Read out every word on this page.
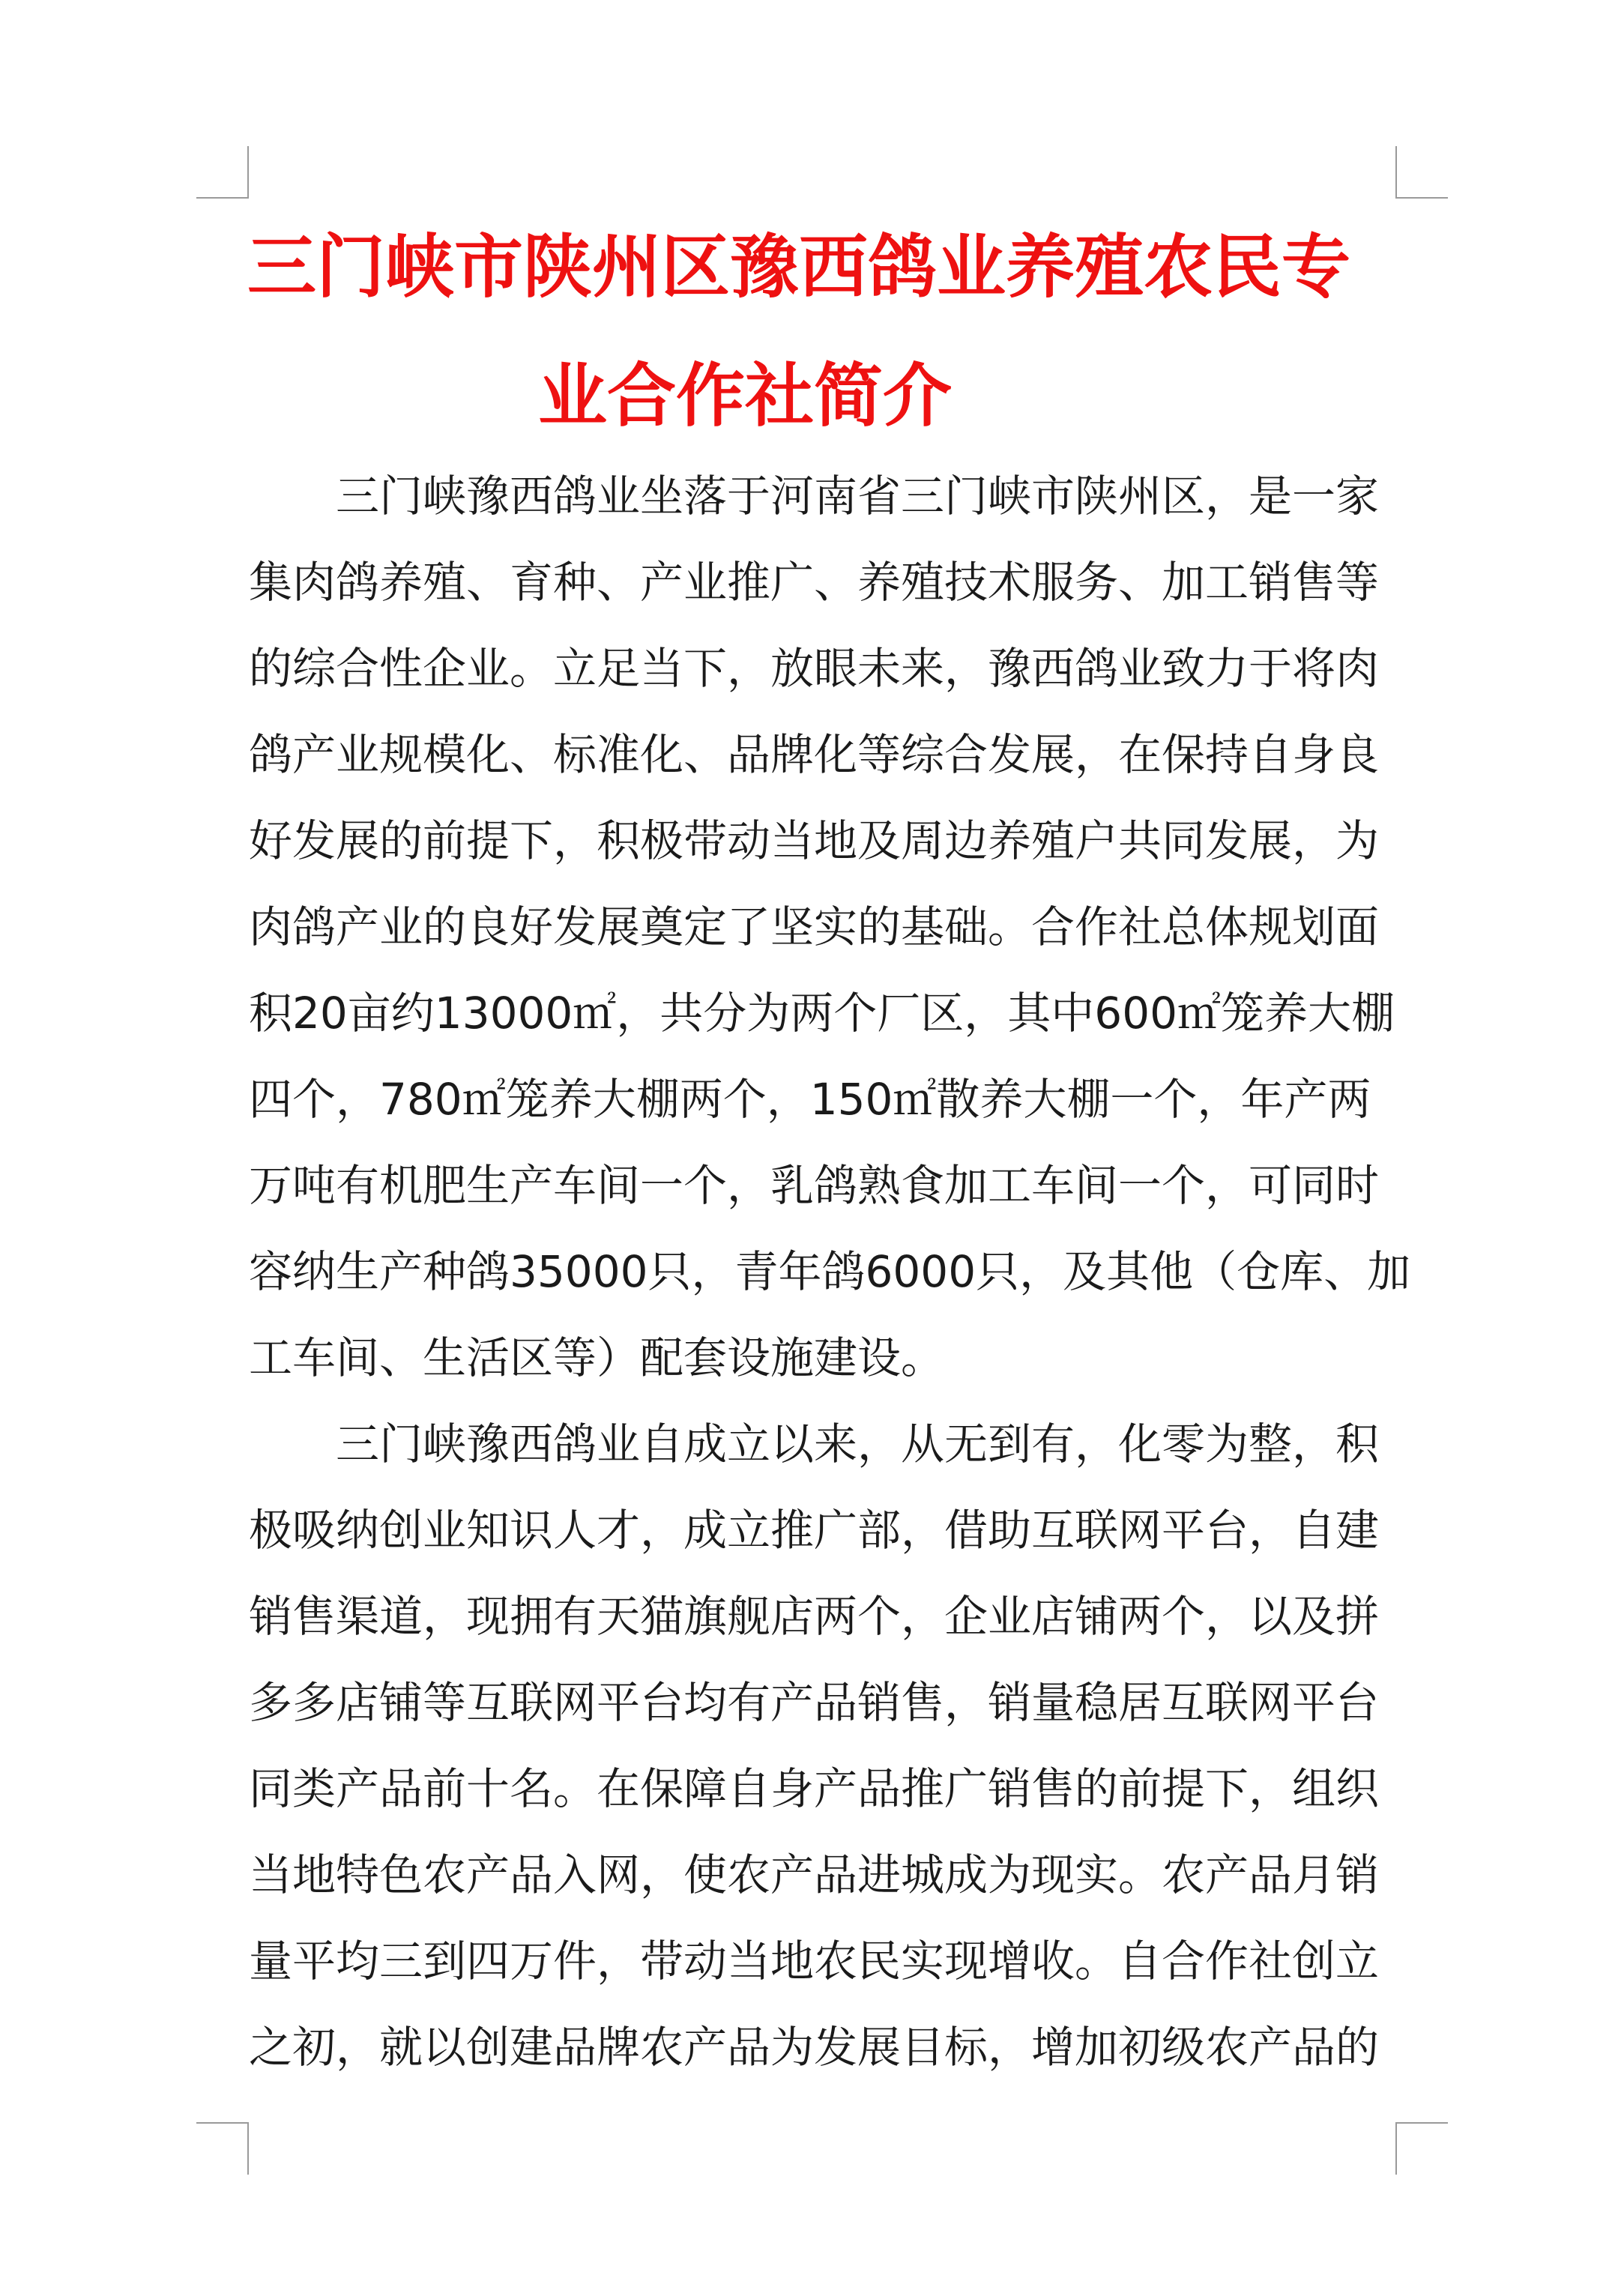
三门峡市陕州区豫西鸽业养殖农民专

业合作社简介

三门峡豫西鸽业坐落于河南省三门峡市陕州区，是一家

集肉鸽养殖、育种、产业推广、养殖技术服务、加工销售等

的综合性企业。立足当下，放眼未来，豫西鸽业致力于将肉

鸽产业规模化、标准化、品牌化等综合发展，在保持自身良

好发展的前提下，积极带动当地及周边养殖户共同发展，为

肉鸽产业的良好发展奠定了坚实的基础。合作社总体规划面

积20亩约13000㎡，共分为两个厂区，其中600㎡笼养大棚

四个，780㎡笼养大棚两个，150㎡散养大棚一个，年产两

万吨有机肥生产车间一个，乳鸽熟食加工车间一个，可同时

容纳生产种鸽35000只，青年鸽6000只，及其他（仓库、加

工车间、生活区等）配套设施建设。

三门峡豫西鸽业自成立以来，从无到有，化零为整，积

极吸纳创业知识人才，成立推广部，借助互联网平台，自建

销售渠道，现拥有天猫旗舰店两个，企业店铺两个，以及拼

多多店铺等互联网平台均有产品销售，销量稳居互联网平台

同类产品前十名。在保障自身产品推广销售的前提下，组织

当地特色农产品入网，使农产品进城成为现实。农产品月销

量平均三到四万件，带动当地农民实现增收。自合作社创立

之初，就以创建品牌农产品为发展目标，增加初级农产品的
